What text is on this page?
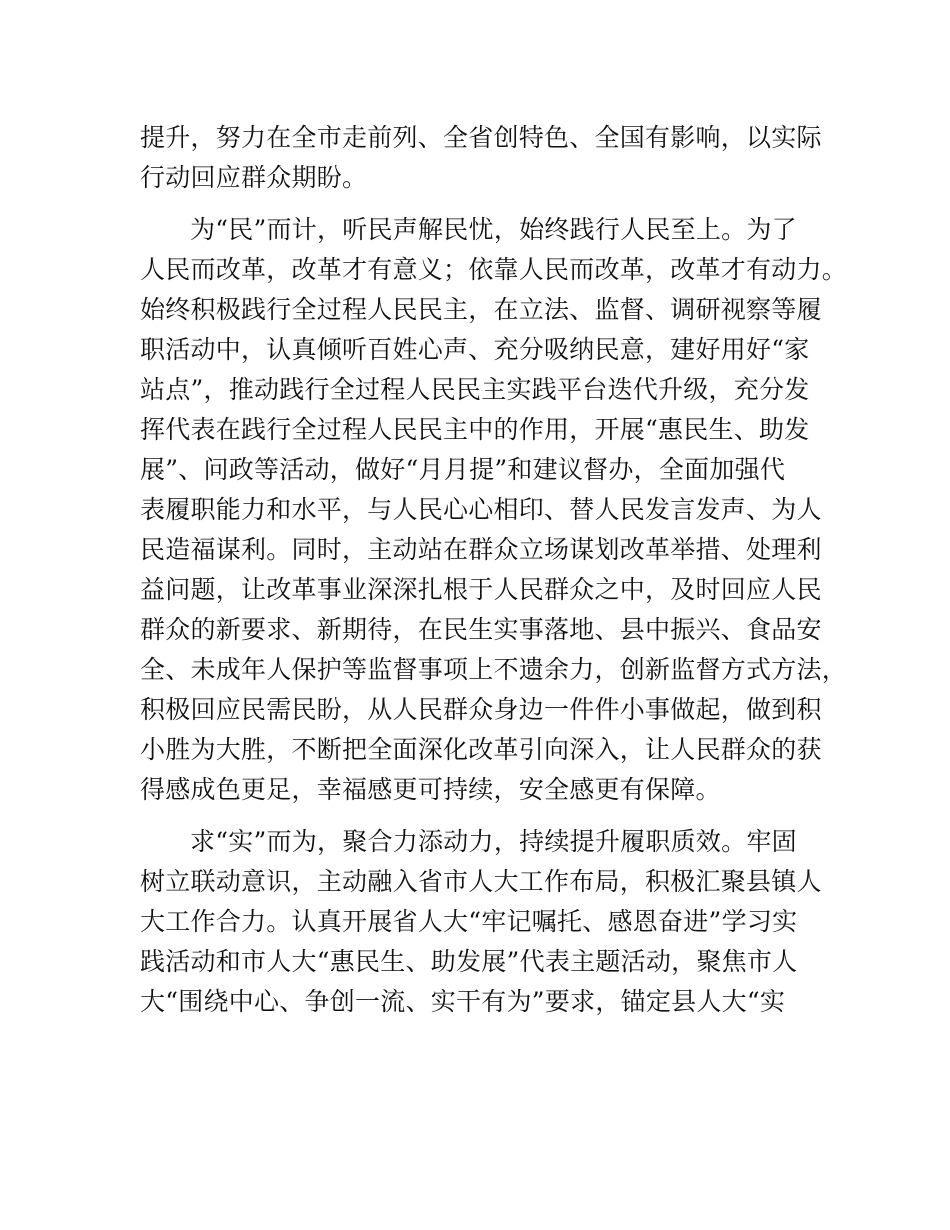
提升，努力在全市走前列、全省创特色、全国有影响，以实际
行动回应群众期盼。
为“民”而计，听民声解民忧，始终践行人民至上。为了
人民而改革，改革才有意义；依靠人民而改革，改革才有动力。
始终积极践行全过程人民民主，在立法、监督、调研视察等履
职活动中，认真倾听百姓心声、充分吸纳民意，建好用好“家
站点”，推动践行全过程人民民主实践平台迭代升级，充分发
挥代表在践行全过程人民民主中的作用，开展“惠民生、助发
展”、问政等活动，做好“月月提”和建议督办，全面加强代
表履职能力和水平，与人民心心相印、替人民发言发声、为人
民造福谋利。同时，主动站在群众立场谋划改革举措、处理利
益问题，让改革事业深深扎根于人民群众之中，及时回应人民
群众的新要求、新期待，在民生实事落地、县中振兴、食品安
全、未成年人保护等监督事项上不遗余力，创新监督方式方法，
积极回应民需民盼，从人民群众身边一件件小事做起，做到积
小胜为大胜，不断把全面深化改革引向深入，让人民群众的获
得感成色更足，幸福感更可持续，安全感更有保障。
求“实”而为，聚合力添动力，持续提升履职质效。牢固
树立联动意识，主动融入省市人大工作布局，积极汇聚县镇人
大工作合力。认真开展省人大“牢记嘱托、感恩奋进”学习实
践活动和市人大“惠民生、助发展”代表主题活动，聚焦市人
大“围绕中心、争创一流、实干有为”要求，锚定县人大“实
